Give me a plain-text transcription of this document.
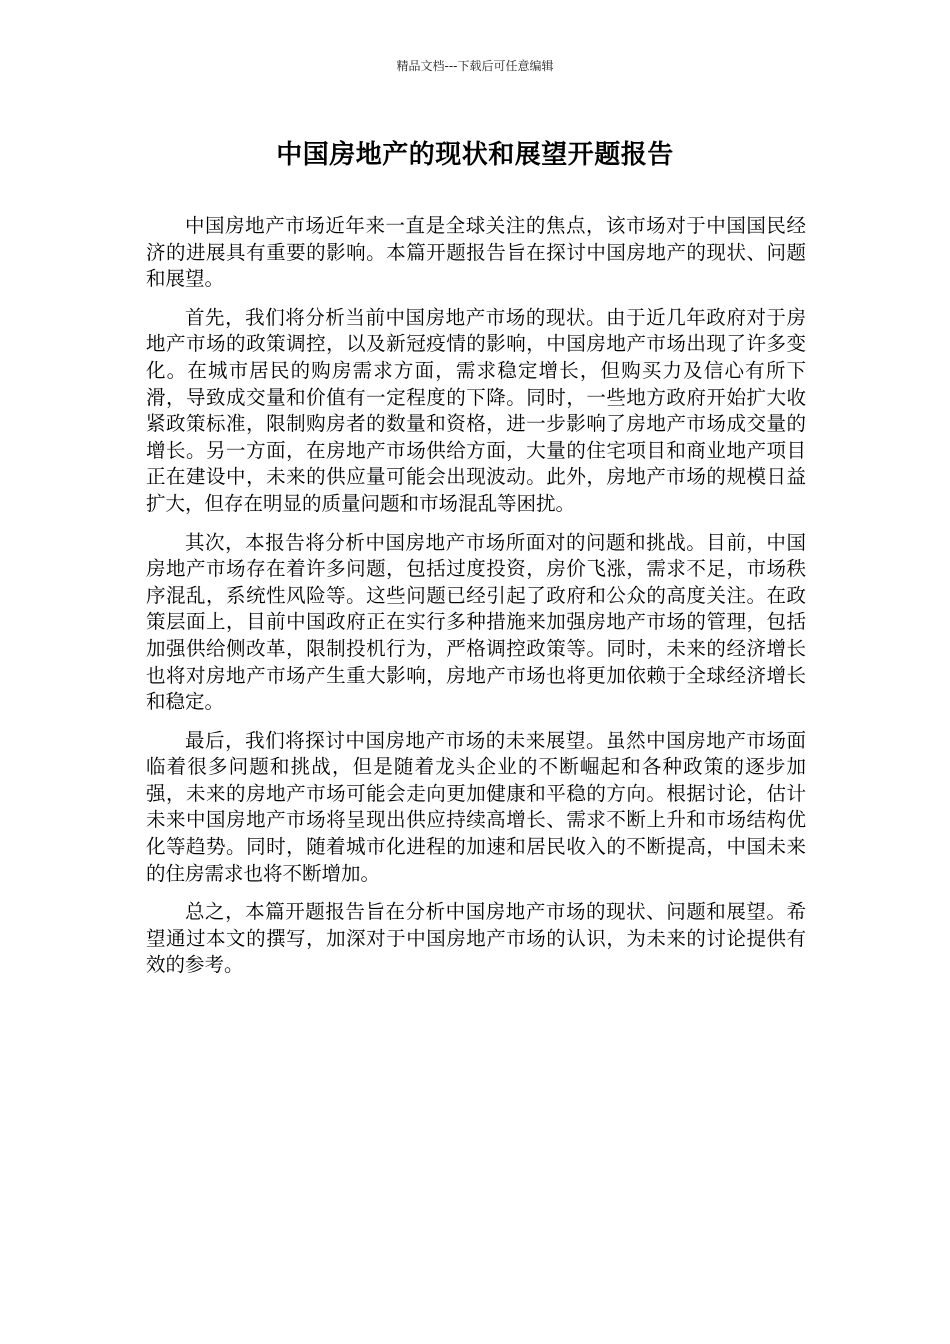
精品文档---下载后可任意编辑
中国房地产的现状和展望开题报告

中国房地产市场近年来一直是全球关注的焦点，该市场对于中国国民经济的进展具有重要的影响。本篇开题报告旨在探讨中国房地产的现状、问题和展望。

首先，我们将分析当前中国房地产市场的现状。由于近几年政府对于房地产市场的政策调控，以及新冠疫情的影响，中国房地产市场出现了许多变化。在城市居民的购房需求方面，需求稳定增长，但购买力及信心有所下滑，导致成交量和价值有一定程度的下降。同时，一些地方政府开始扩大收紧政策标准，限制购房者的数量和资格，进一步影响了房地产市场成交量的增长。另一方面，在房地产市场供给方面，大量的住宅项目和商业地产项目正在建设中，未来的供应量可能会出现波动。此外，房地产市场的规模日益扩大，但存在明显的质量问题和市场混乱等困扰。

其次，本报告将分析中国房地产市场所面对的问题和挑战。目前，中国房地产市场存在着许多问题，包括过度投资，房价飞涨，需求不足，市场秩序混乱，系统性风险等。这些问题已经引起了政府和公众的高度关注。在政策层面上，目前中国政府正在实行多种措施来加强房地产市场的管理，包括加强供给侧改革，限制投机行为，严格调控政策等。同时，未来的经济增长也将对房地产市场产生重大影响，房地产市场也将更加依赖于全球经济增长和稳定。

最后，我们将探讨中国房地产市场的未来展望。虽然中国房地产市场面临着很多问题和挑战，但是随着龙头企业的不断崛起和各种政策的逐步加强，未来的房地产市场可能会走向更加健康和平稳的方向。根据讨论，估计未来中国房地产市场将呈现出供应持续高增长、需求不断上升和市场结构优化等趋势。同时，随着城市化进程的加速和居民收入的不断提高，中国未来的住房需求也将不断增加。

总之，本篇开题报告旨在分析中国房地产市场的现状、问题和展望。希望通过本文的撰写，加深对于中国房地产市场的认识，为未来的讨论提供有效的参考。
